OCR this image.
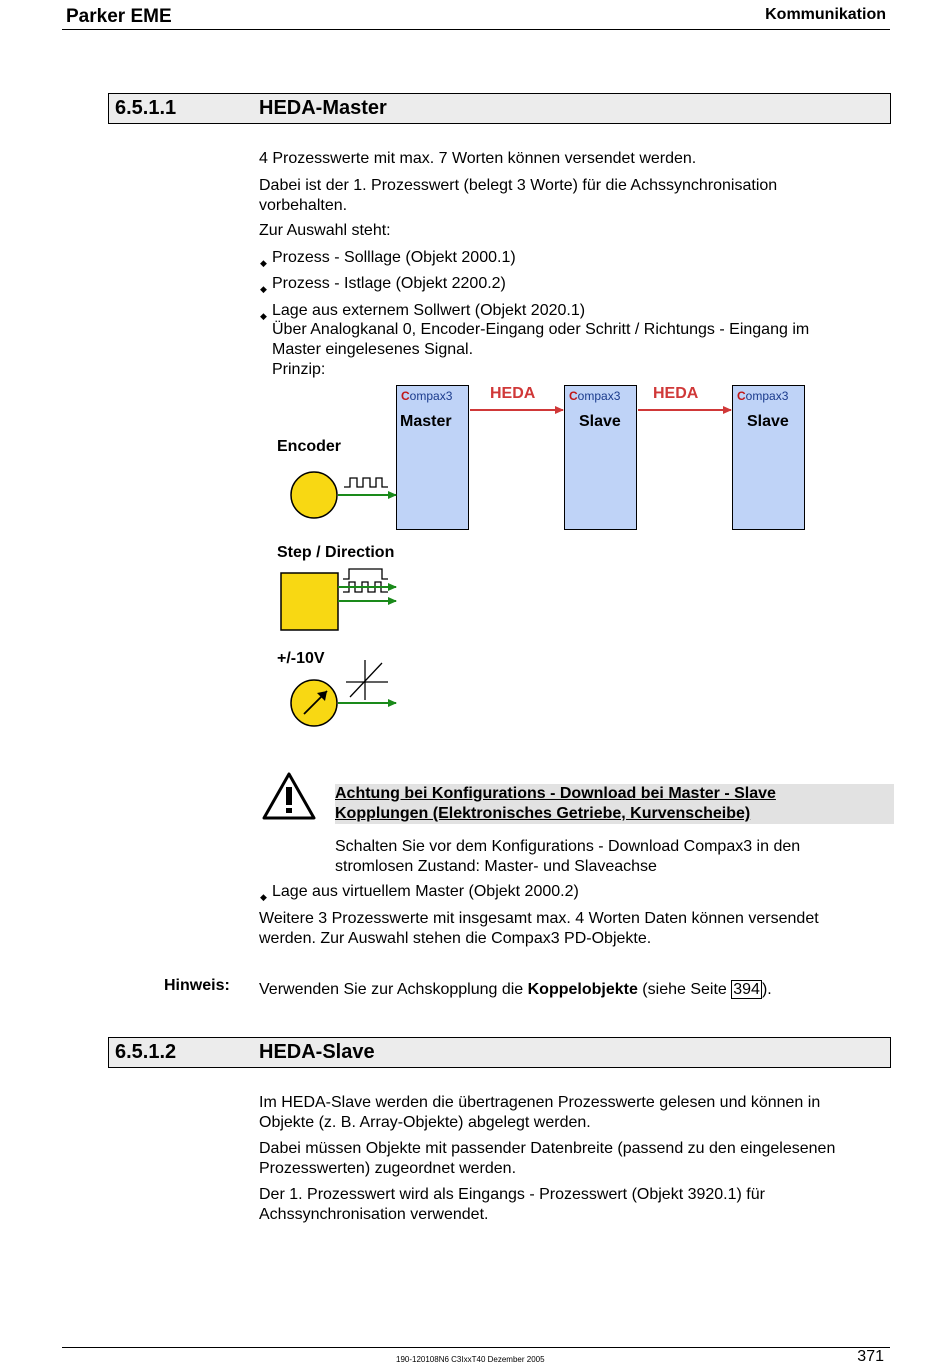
Parker EME	Kommunikation
6.5.1.1	HEDA-Master
4 Prozesswerte mit max. 7 Worten können versendet werden.
Dabei ist der 1. Prozesswert (belegt 3 Worte) für die Achssynchronisation
vorbehalten.
Zur Auswahl steht:
◆ Prozess - Solllage (Objekt 2000.1)
◆ Prozess - Istlage (Objekt 2200.2)
◆ Lage aus externem Sollwert (Objekt 2020.1)
Über Analogkanal 0, Encoder-Eingang oder Schritt / Richtungs - Eingang im
Master eingelesenes Signal.
Prinzip:
Compax3
Master
Compax3
Slave
Compax3
Slave
HEDA	HEDA
Encoder
Step / Direction
+/-10V
Achtung bei Konfigurations - Download bei Master - Slave
Kopplungen (Elektronisches Getriebe, Kurvenscheibe)
Schalten Sie vor dem Konfigurations - Download Compax3 in den
stromlosen Zustand: Master- und Slaveachse
◆ Lage aus virtuellem Master (Objekt 2000.2)
Weitere 3 Prozesswerte mit insgesamt max. 4 Worten Daten können versendet
werden. Zur Auswahl stehen die Compax3 PD-Objekte.
Hinweis: Verwenden Sie zur Achskopplung die Koppelobjekte (siehe Seite 394 ).
6.5.1.2	HEDA-Slave
Im HEDA-Slave werden die übertragenen Prozesswerte gelesen und können in
Objekte (z. B. Array-Objekte) abgelegt werden.
Dabei müssen Objekte mit passender Datenbreite (passend zu den eingelesenen
Prozesswerten) zugeordnet werden.
Der 1. Prozesswert wird als Eingangs - Prozesswert (Objekt 3920.1) für
Achssynchronisation verwendet.
190-120108N6 C3IxxT40 Dezember 2005	371
